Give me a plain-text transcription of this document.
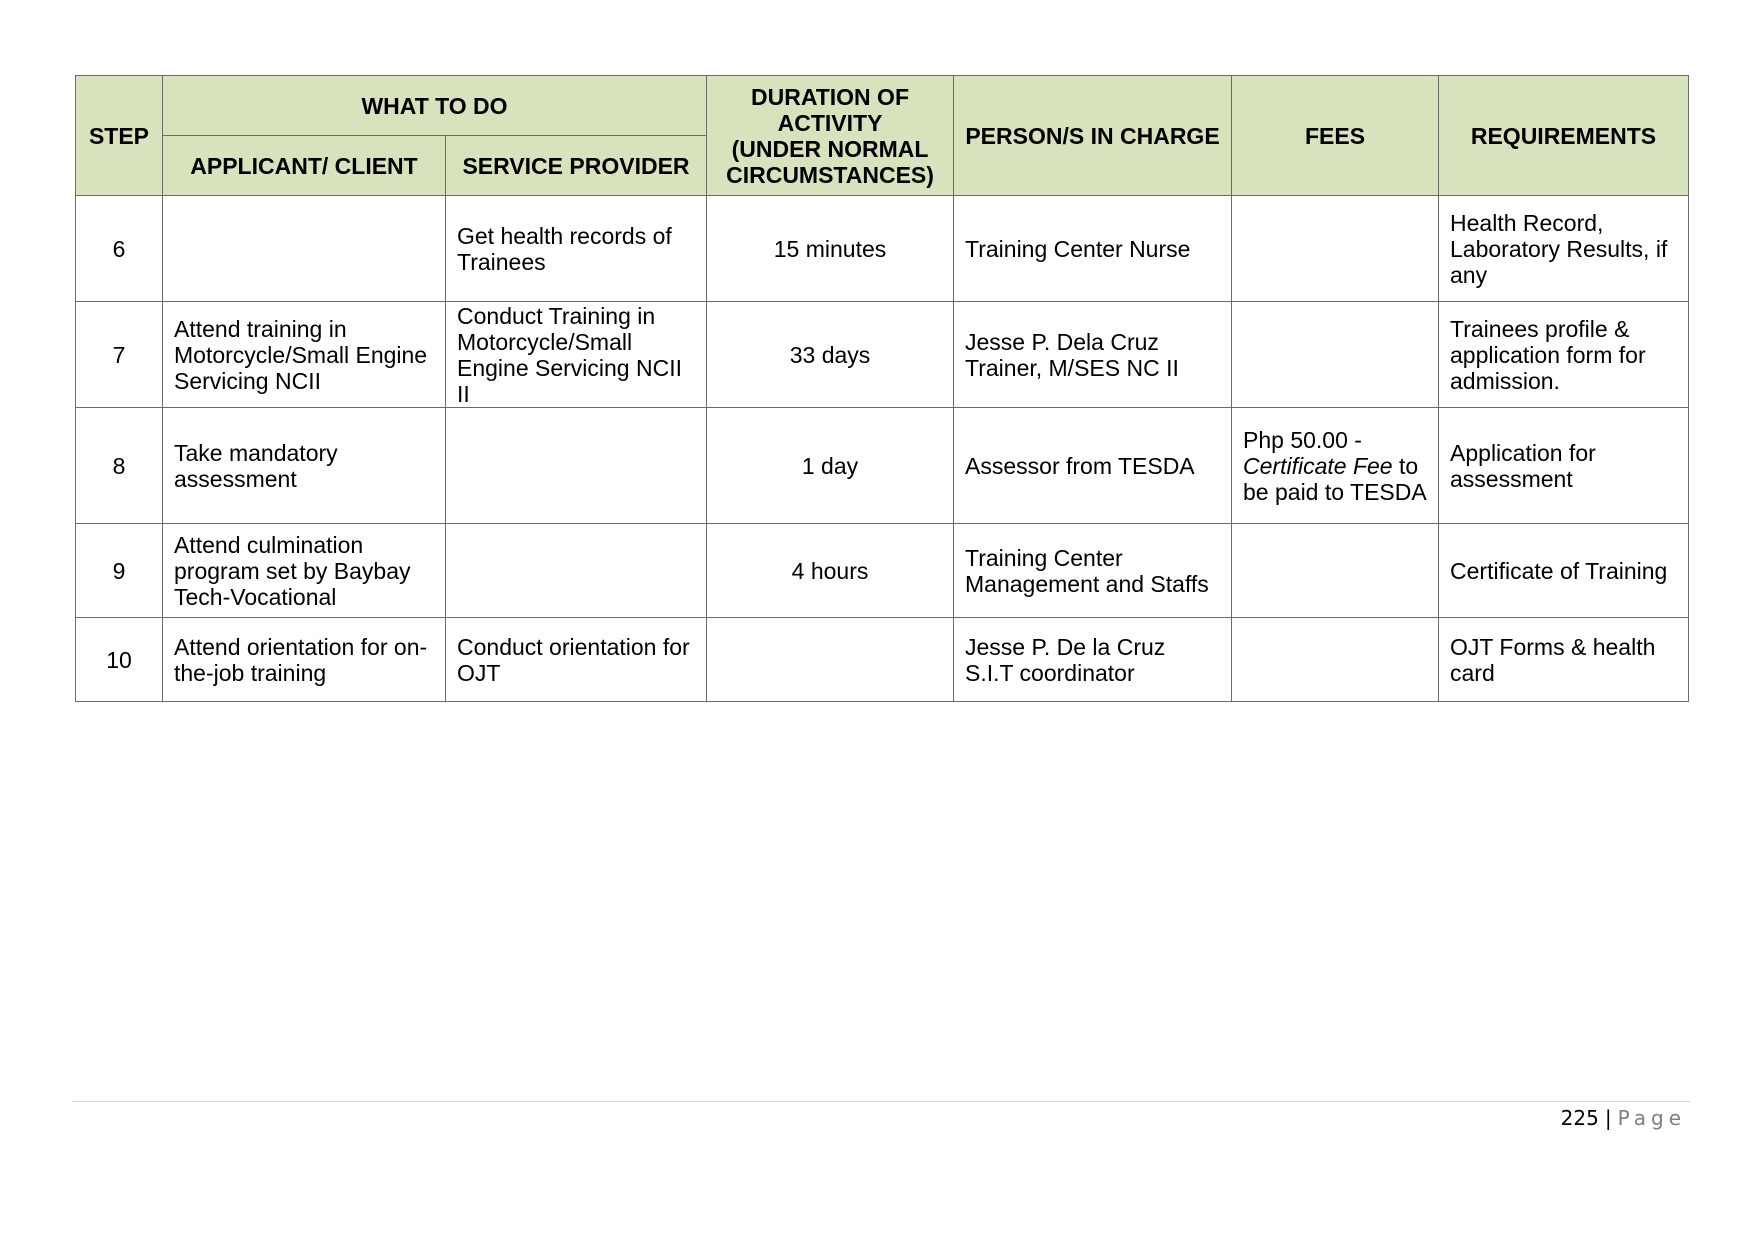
STEP	WHAT TO DO		DURATION OF
ACTIVITY
(UNDER NORMAL
CIRCUMSTANCES)	PERSON/S IN CHARGE	FEES	REQUIREMENTS
	APPLICANT/ CLIENT	SERVICE PROVIDER				
6		Get health records of Trainees	15 minutes	Training Center Nurse		Health Record, Laboratory Results, if any
7	Attend training in Motorcycle/Small Engine Servicing NCII	Conduct Training in Motorcycle/Small Engine Servicing NCII II	33 days	Jesse P. Dela Cruz
Trainer, M/SES NC II		Trainees profile & application form for admission.
8	Take mandatory assessment		1 day	Assessor from TESDA	Php 50.00 - Certificate Fee to be paid to TESDA	Application for assessment
9	Attend culmination program set by Baybay Tech-Vocational		4 hours	Training Center Management and Staffs		Certificate of Training
10	Attend orientation for on-the-job training	Conduct orientation for OJT		Jesse P. De la Cruz
S.I.T coordinator		OJT Forms & health card
225 | Page
